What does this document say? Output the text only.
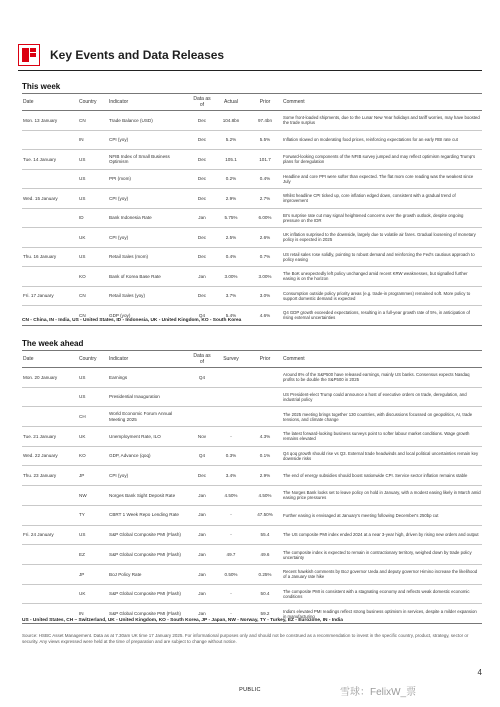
Key Events and Data Releases
This week
Date	Country	Indicator	Data as of	Actual	Prior	Comment
Mon. 13 January	CN	Trade Balance (USD)	Dec	104.8bn	97.4bn	Some front-loaded shipments, due to the Lunar New Year holidays and tariff worries, may have boosted the trade surplus
	IN	CPI (yoy)	Dec	5.2%	5.5%	Inflation slowed on moderating food prices, reinforcing expectations for an early RBI rate cut
Tue. 14 January	US	NFIB Index of Small Business Optimism	Dec	105.1	101.7	Forward-looking components of the NFIB survey jumped and may reflect optimism regarding Trump's plans for deregulation
	US	PPI (mom)	Dec	0.2%	0.4%	Headline and core PPI were softer than expected. The flat mom core reading was the weakest since July
Wed. 15 January	US	CPI (yoy)	Dec	2.9%	2.7%	Whilst headline CPI ticked up, core inflation edged down, consistent with a gradual trend of improvement
	ID	Bank Indonesia Rate	Jan	5.75%	6.00%	BI's surprise rate cut may signal heightened concerns over the growth outlook, despite ongoing pressure on the IDR
	UK	CPI (yoy)	Dec	2.5%	2.6%	UK inflation surprised to the downside, largely due to volatile air fares. Gradual loosening of monetary policy is expected in 2025
Thu. 16 January	US	Retail Sales (mom)	Dec	0.4%	0.7%	US retail sales rose solidly, pointing to robust demand and reinforcing the Fed's cautious approach to policy easing
	KO	Bank of Korea Base Rate	Jan	3.00%	3.00%	The BoK unexpectedly left policy unchanged amid recent KRW weaknesses, but signalled further easing is on the horizon
Fri. 17 January	CN	Retail Sales (yoy)	Dec	3.7%	3.0%	Consumption outside policy priority areas (e.g. trade-in programmes) remained soft. More policy to support domestic demand is expected
	CN	GDP (yoy)	Q4	5.4%	4.6%	Q4 GDP growth exceeded expectations, resulting in a full-year growth rate of 5%, in anticipation of rising external uncertainties
CN - China, IN - India, US - United States, ID - Indonesia, UK - United Kingdom, KO - South Korea
The week ahead
Date	Country	Indicator	Data as of	Survey	Prior	Comment
Mon. 20 January	US	Earnings	Q4			Around 8% of the S&P500 have released earnings, mainly US banks. Consensus expects Nasdaq profits to be double the S&P500 in 2025
	US	Presidential Inauguration				US President-elect Trump could announce a host of executive orders on trade, deregulation, and industrial policy
	CH	World Economic Forum Annual Meeting 2025				The 2025 meeting brings together 130 countries, with discussions focussed on geopolitics, AI, trade tensions, and climate change
Tue. 21 January	UK	Unemployment Rate, ILO	Nov	-	4.3%	The latest forward-looking business surveys point to softer labour market conditions. Wage growth remains elevated
Wed. 22 January	KO	GDP, Advance (qoq)	Q4	0.3%	0.1%	Q4 qoq growth should rise vs Q3. External trade headwinds and local political uncertainties remain key downside risks
Thu. 23 January	JP	CPI (yoy)	Dec	3.4%	2.9%	The end of energy subsidies should boost nationwide CPI. Service sector inflation remains stable
	NW	Norges Bank Sight Deposit Rate	Jan	4.50%	4.50%	The Norges Bank looks set to leave policy on hold in January, with a modest easing likely in March amid easing price pressures
	TY	CBRT 1 Week Repo Lending Rate	Jan	-	47.50%	Further easing is envisaged at January's meeting following December's 250bp cut
Fri. 24 January	US	S&P Global Composite PMI (Flash)	Jan	-	55.4	The US composite PMI index ended 2024 at a near 3-year high, driven by rising new orders and output
	EZ	S&P Global Composite PMI (Flash)	Jan	49.7	49.6	The composite index is expected to remain in contractionary territory, weighed down by trade policy uncertainty
	JP	BoJ Policy Rate	Jan	0.50%	0.25%	Recent hawkish comments by BoJ governor Ueda and deputy governor Himino increase the likelihood of a January rate hike
	UK	S&P Global Composite PMI (Flash)	Jan	-	50.4	The composite PMI is consistent with a stagnating economy and reflects weak domestic economic conditions
	IN	S&P Global Composite PMI (Flash)	Jan	-	59.2	India's elevated PMI readings reflect strong business optimism in services, despite a milder expansion in manufacturing
US - United States, CH – Switzerland, UK - United Kingdom, KO - South Korea, JP - Japan, NW - Norway, TY - Turkey, EZ - Eurozone, IN - India
Source: HSBC Asset Management. Data as at 7.30am UK time 17 January 2025. For informational purposes only and should not be construed as a recommendation to invest in the specific country, product, strategy, sector or security. Any views expressed were held at the time of preparation and are subject to change without notice.
4
PUBLIC	雪球：FelixW_票
